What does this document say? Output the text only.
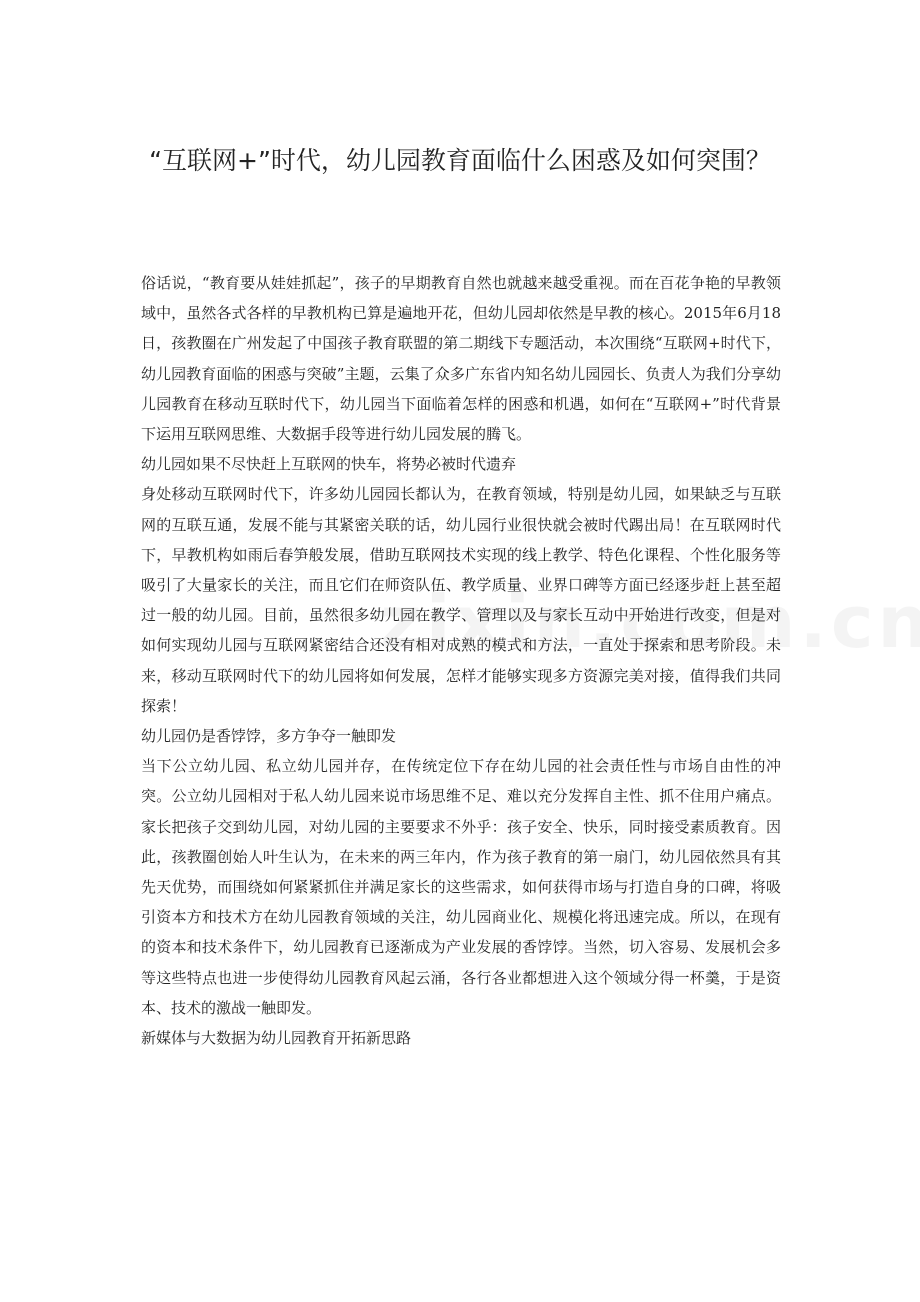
“互联网+”时代，幼儿园教育面临什么困惑及如何突围？

俗话说，“教育要从娃娃抓起”，孩子的早期教育自然也就越来越受重视。而在百花争艳的早教领域中，虽然各式各样的早教机构已算是遍地开花，但幼儿园却依然是早教的核心。2015年6月18日，孩教圈在广州发起了中国孩子教育联盟的第二期线下专题活动，本次围绕“互联网+时代下，幼儿园教育面临的困惑与突破”主题，云集了众多广东省内知名幼儿园园长、负责人为我们分享幼儿园教育在移动互联时代下，幼儿园当下面临着怎样的困惑和机遇，如何在“互联网+”时代背景下运用互联网思维、大数据手段等进行幼儿园发展的腾飞。

幼儿园如果不尽快赶上互联网的快车，将势必被时代遗弃

身处移动互联网时代下，许多幼儿园园长都认为，在教育领域，特别是幼儿园，如果缺乏与互联网的互联互通，发展不能与其紧密关联的话，幼儿园行业很快就会被时代踢出局！在互联网时代下，早教机构如雨后春笋般发展，借助互联网技术实现的线上教学、特色化课程、个性化服务等吸引了大量家长的关注，而且它们在师资队伍、教学质量、业界口碑等方面已经逐步赶上甚至超过一般的幼儿园。目前，虽然很多幼儿园在教学、管理以及与家长互动中开始进行改变，但是对如何实现幼儿园与互联网紧密结合还没有相对成熟的模式和方法，一直处于探索和思考阶段。未来，移动互联网时代下的幼儿园将如何发展，怎样才能够实现多方资源完美对接，值得我们共同探索！

幼儿园仍是香饽饽，多方争夺一触即发

当下公立幼儿园、私立幼儿园并存，在传统定位下存在幼儿园的社会责任性与市场自由性的冲突。公立幼儿园相对于私人幼儿园来说市场思维不足、难以充分发挥自主性、抓不住用户痛点。家长把孩子交到幼儿园，对幼儿园的主要要求不外乎：孩子安全、快乐，同时接受素质教育。因此，孩教圈创始人叶生认为，在未来的两三年内，作为孩子教育的第一扇门，幼儿园依然具有其先天优势，而围绕如何紧紧抓住并满足家长的这些需求，如何获得市场与打造自身的口碑，将吸引资本方和技术方在幼儿园教育领域的关注，幼儿园商业化、规模化将迅速完成。所以，在现有的资本和技术条件下，幼儿园教育已逐渐成为产业发展的香饽饽。当然，切入容易、发展机会多等这些特点也进一步使得幼儿园教育风起云涌，各行各业都想进入这个领域分得一杯羹，于是资本、技术的激战一触即发。

新媒体与大数据为幼儿园教育开拓新思路
